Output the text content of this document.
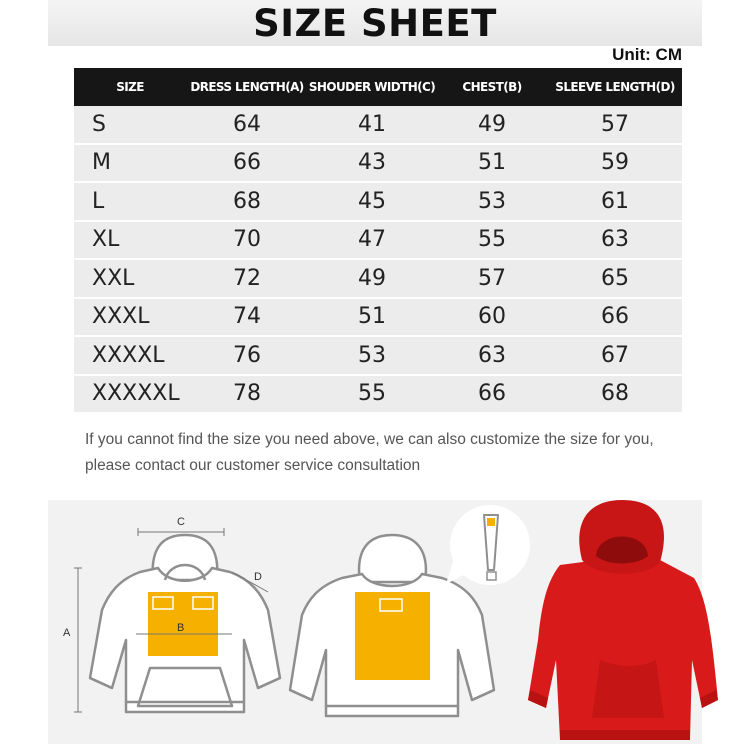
SIZE SHEET
Unit: CM
SIZE	DRESS LENGTH(A)	SHOUDER WIDTH(C)	CHEST(B)	SLEEVE LENGTH(D)
S	64	41	49	57
M	66	43	51	59
L	68	45	53	61
XL	70	47	55	63
XXL	72	49	57	65
XXXL	74	51	60	66
XXXXL	76	53	63	67
XXXXXL	78	55	66	68
If you cannot find the size you need above, we can also customize the size for you,
please contact our customer service consultation
C
D
B
A
